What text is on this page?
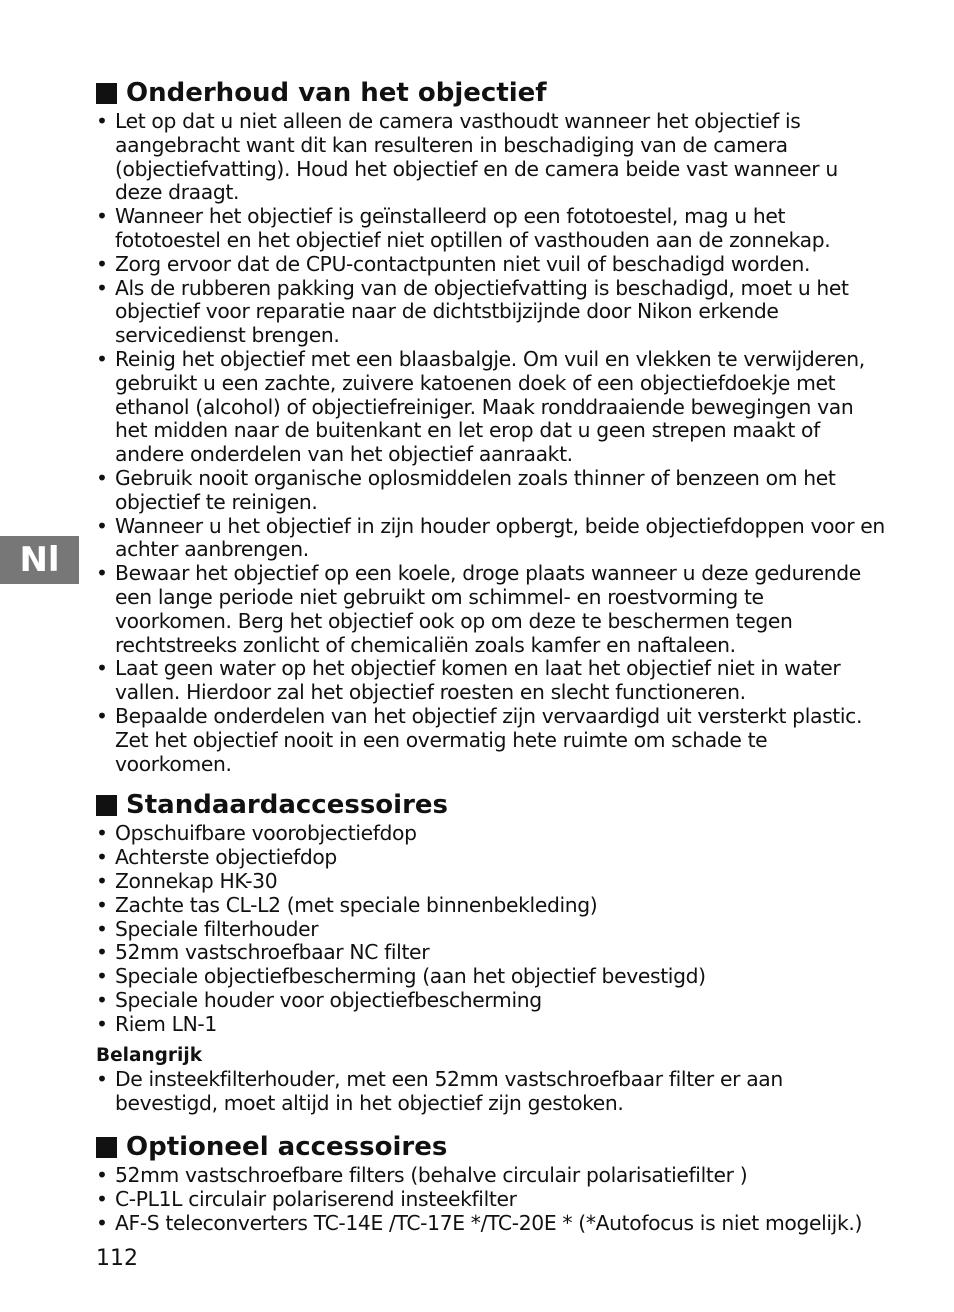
Nl
Onderhoud van het objectief
• Let op dat u niet alleen de camera vasthoudt wanneer het objectief is aangebracht want dit kan resulteren in beschadiging van de camera (objectiefvatting). Houd het objectief en de camera beide vast wanneer u deze draagt.
• Wanneer het objectief is geïnstalleerd op een fototoestel, mag u het fototoestel en het objectief niet optillen of vasthouden aan de zonnekap.
• Zorg ervoor dat de CPU-contactpunten niet vuil of beschadigd worden.
• Als de rubberen pakking van de objectiefvatting is beschadigd, moet u het objectief voor reparatie naar de dichtstbijzijnde door Nikon erkende servicedienst brengen.
• Reinig het objectief met een blaasbalgje. Om vuil en vlekken te verwijderen, gebruikt u een zachte, zuivere katoenen doek of een objectiefdoekje met ethanol (alcohol) of objectiefreiniger. Maak ronddraaiende bewegingen van het midden naar de buitenkant en let erop dat u geen strepen maakt of andere onderdelen van het objectief aanraakt.
• Gebruik nooit organische oplosmiddelen zoals thinner of benzeen om het objectief te reinigen.
• Wanneer u het objectief in zijn houder opbergt, beide objectiefdoppen voor en achter aanbrengen.
• Bewaar het objectief op een koele, droge plaats wanneer u deze gedurende een lange periode niet gebruikt om schimmel- en roestvorming te voorkomen. Berg het objectief ook op om deze te beschermen tegen rechtstreeks zonlicht of chemicaliën zoals kamfer en naftaleen.
• Laat geen water op het objectief komen en laat het objectief niet in water vallen. Hierdoor zal het objectief roesten en slecht functioneren.
• Bepaalde onderdelen van het objectief zijn vervaardigd uit versterkt plastic. Zet het objectief nooit in een overmatig hete ruimte om schade te voorkomen.
Standaardaccessoires
• Opschuifbare voorobjectiefdop
• Achterste objectiefdop
• Zonnekap HK-30
• Zachte tas CL-L2 (met speciale binnenbekleding)
• Speciale filterhouder
• 52mm vastschroefbaar NC filter
• Speciale objectiefbescherming (aan het objectief bevestigd)
• Speciale houder voor objectiefbescherming
• Riem LN-1
Belangrijk
• De insteekfilterhouder, met een 52mm vastschroefbaar filter er aan bevestigd, moet altijd in het objectief zijn gestoken.
Optioneel accessoires
• 52mm vastschroefbare filters (behalve circulair polarisatiefilter )
• C-PL1L circulair polariserend insteekfilter
• AF-S teleconverters TC-14E /TC-17E */TC-20E * (*Autofocus is niet mogelijk.)
112
